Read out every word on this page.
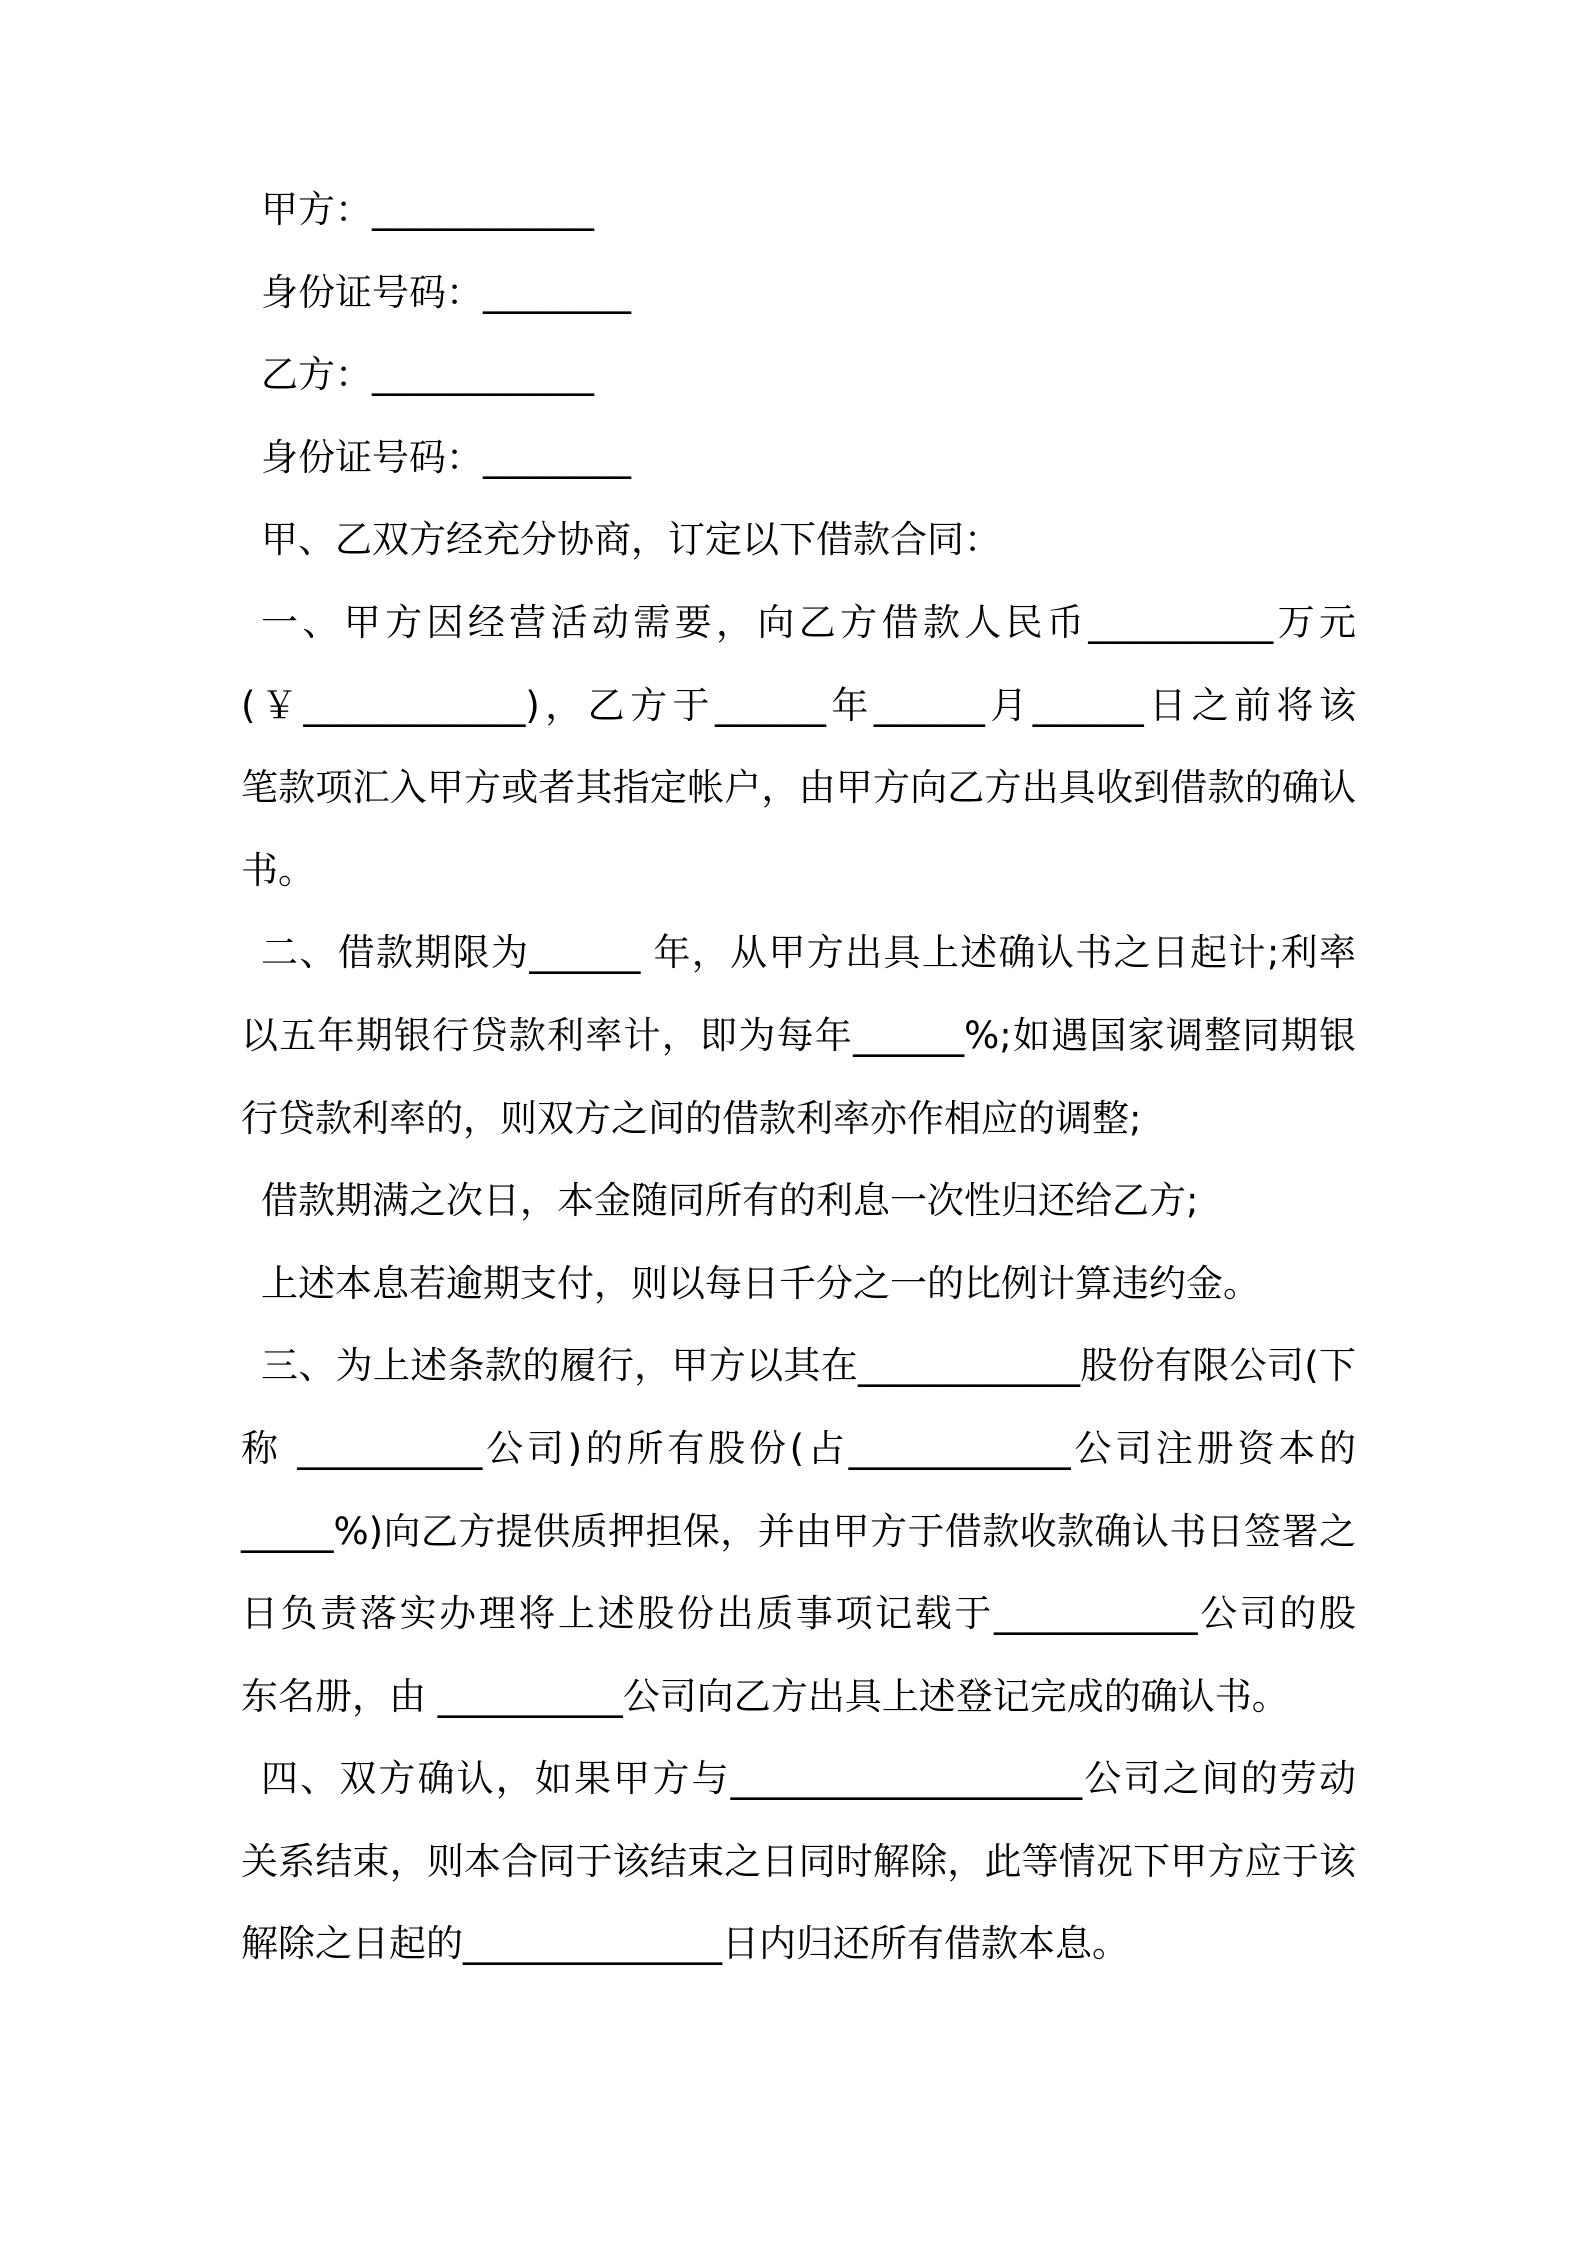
甲方：____________
身份证号码：________
乙方：____________
身份证号码：________
甲、乙双方经充分协商，订定以下借款合同：
一、甲方因经营活动需要，向乙方借款人民币__________万元
(￥____________)，乙方于______年______月______日之前将该
笔款项汇入甲方或者其指定帐户，由甲方向乙方出具收到借款的确认
书。
二、借款期限为______ 年，从甲方出具上述确认书之日起计;利率
以五年期银行贷款利率计，即为每年______%;如遇国家调整同期银
行贷款利率的，则双方之间的借款利率亦作相应的调整;
借款期满之次日，本金随同所有的利息一次性归还给乙方;
上述本息若逾期支付，则以每日千分之一的比例计算违约金。
三、为上述条款的履行，甲方以其在____________股份有限公司(下
称 __________公司)的所有股份(占____________公司注册资本的
_____%)向乙方提供质押担保，并由甲方于借款收款确认书日签署之
日负责落实办理将上述股份出质事项记载于___________公司的股
东名册，由 __________公司向乙方出具上述登记完成的确认书。
四、双方确认，如果甲方与___________________公司之间的劳动
关系结束，则本合同于该结束之日同时解除，此等情况下甲方应于该
解除之日起的______________日内归还所有借款本息。
